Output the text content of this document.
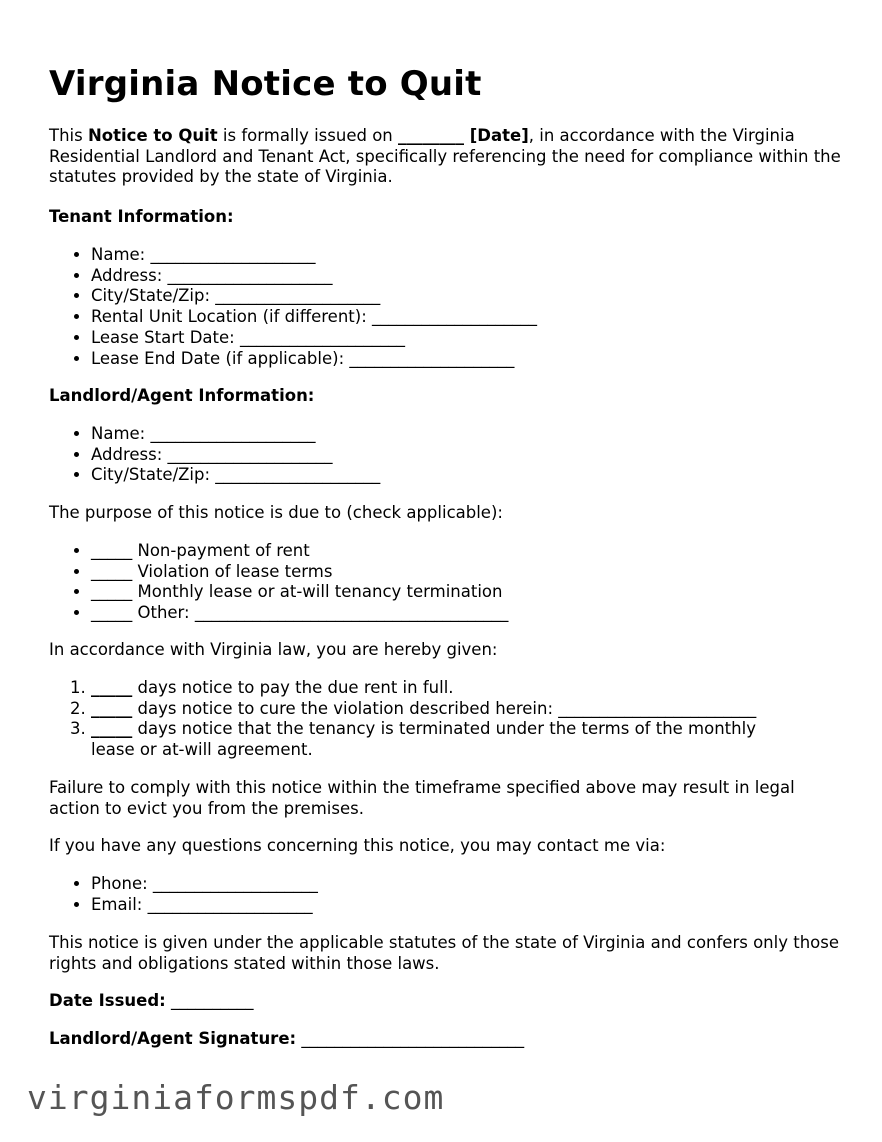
Virginia Notice to Quit

This Notice to Quit is formally issued on ________ [Date], in accordance with the Virginia Residential Landlord and Tenant Act, specifically referencing the need for compliance within the statutes provided by the state of Virginia.

Tenant Information:

• Name: ____________________
• Address: ____________________
• City/State/Zip: ____________________
• Rental Unit Location (if different): ____________________
• Lease Start Date: ____________________
• Lease End Date (if applicable): ____________________

Landlord/Agent Information:

• Name: ____________________
• Address: ____________________
• City/State/Zip: ____________________

The purpose of this notice is due to (check applicable):

• _____ Non-payment of rent
• _____ Violation of lease terms
• _____ Monthly lease or at-will tenancy termination
• _____ Other: ______________________________________

In accordance with Virginia law, you are hereby given:

1. _____ days notice to pay the due rent in full.
2. _____ days notice to cure the violation described herein: ________________________
3. _____ days notice that the tenancy is terminated under the terms of the monthly lease or at-will agreement.

Failure to comply with this notice within the timeframe specified above may result in legal action to evict you from the premises.

If you have any questions concerning this notice, you may contact me via:

• Phone: ____________________
• Email: ____________________

This notice is given under the applicable statutes of the state of Virginia and confers only those rights and obligations stated within those laws.

Date Issued: __________

Landlord/Agent Signature: ___________________________

virginiaformspdf.com
